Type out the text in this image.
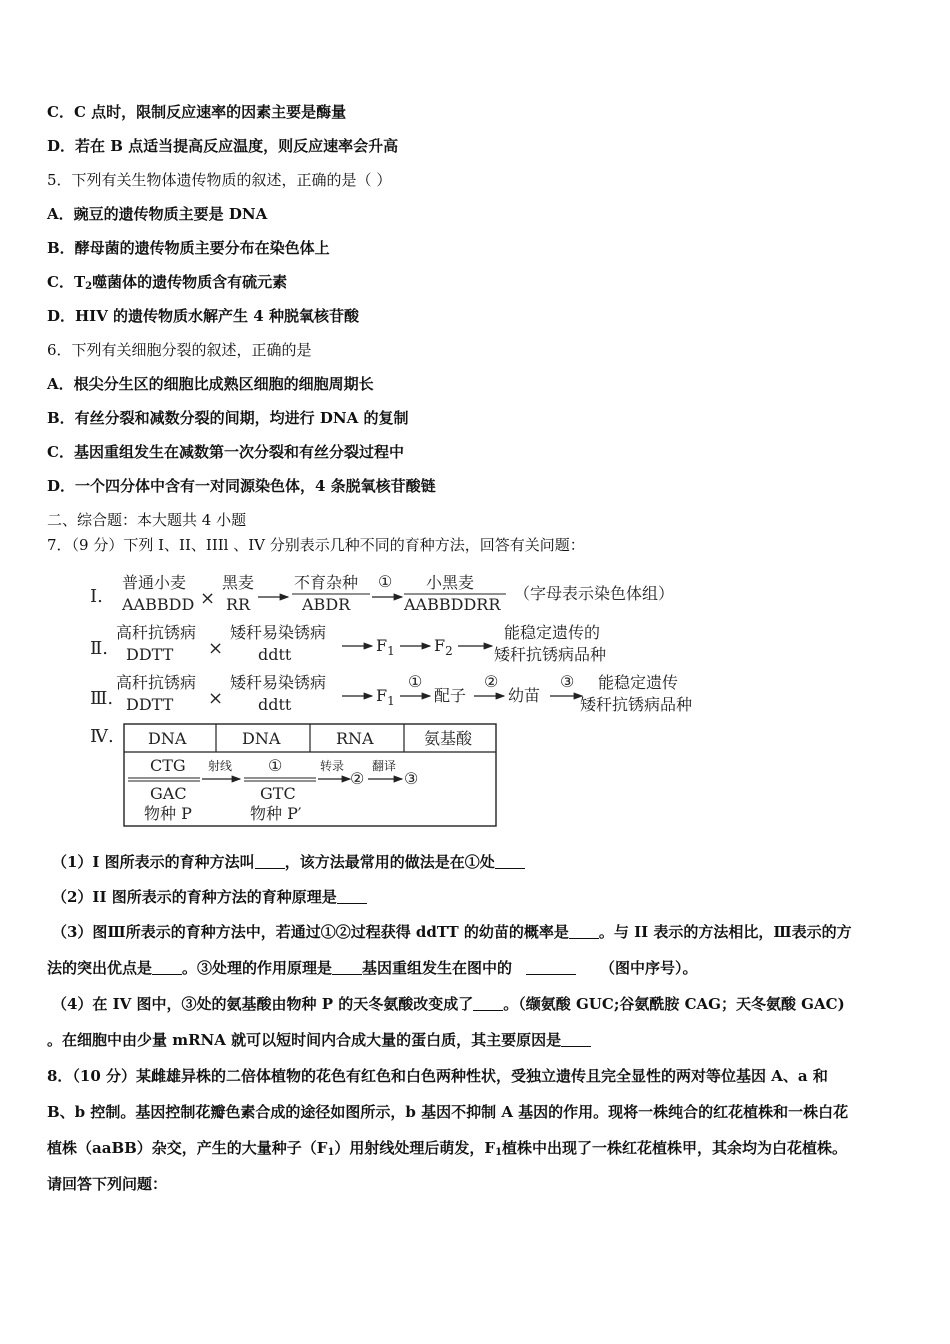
C．C 点时，限制反应速率的因素主要是酶量
D．若在 B 点适当提高反应温度，则反应速率会升高
5．下列有关生物体遗传物质的叙述，正确的是（ ）
A．豌豆的遗传物质主要是 DNA
B．酵母菌的遗传物质主要分布在染色体上
C．$T_2$噬菌体的遗传物质含有硫元素
D．HIV 的遗传物质水解产生 4 种脱氧核苷酸
6．下列有关细胞分裂的叙述，正确的是
A．根尖分生区的细胞比成熟区细胞的细胞周期长
B．有丝分裂和减数分裂的间期，均进行 DNA 的复制
C．基因重组发生在减数第一次分裂和有丝分裂过程中
D．一个四分体中含有一对同源染色体，4 条脱氧核苷酸链
二、综合题：本大题共 4 小题
7．（9 分）下列 I、II、IIIl 、IV 分别表示几种不同的育种方法，回答有关问题：
Ⅰ.
普通小麦
AABBDD ×
黑麦
RR
不育杂种
ABDR
① 小黑麦
AABBDDRR
（字母表示染色体组）
Ⅱ.
高秆抗锈病
DDTT ×
矮秆易染锈病
ddtt	$F_1$ $F_2$
能稳定遗传的
矮秆抗锈病品种
Ⅲ.
高秆抗锈病
DDTT ×
矮秆易染锈病
ddtt	$F_1$
①
配子
②
幼苗
③ 能稳定遗传
矮秆抗锈病品种
Ⅳ. DNA	DNA	RNA	氨基酸
CTG
GAC
物种 P
射线 ①
GTC
物种 P′
转录
②
翻译
③
（1）I 图所表示的育种方法叫 ，该方法最常用的做法是在①处
（2）II 图所表示的育种方法的育种原理是
（3）图Ⅲ所表示的育种方法中，若通过①②过程获得 ddTT 的幼苗的概率是 。与 II 表示的方法相比，Ⅲ表示的方
法的突出优点是 。③处理的作用原理是 基因重组发生在图中的	（图中序号）。
（4）在 IV 图中，③处的氨基酸由物种 P 的天冬氨酸改变成了 。（缬氨酸 GUC;谷氨酰胺 CAG；天冬氨酸 GAC)
。在细胞中由少量 mRNA 就可以短时间内合成大量的蛋白质，其主要原因是
8．（10 分）某雌雄异株的二倍体植物的花色有红色和白色两种性状，受独立遗传且完全显性的两对等位基因 A、a 和
B、b 控制。基因控制花瓣色素合成的途径如图所示，b 基因不抑制 A 基因的作用。现将一株纯合的红花植株和一株白花
植株（aaBB）杂交，产生的大量种子$(F_1)$用射线处理后萌发，$F_1$植株中出现了一株红花植株甲，其余均为白花植株。
请回答下列问题：
